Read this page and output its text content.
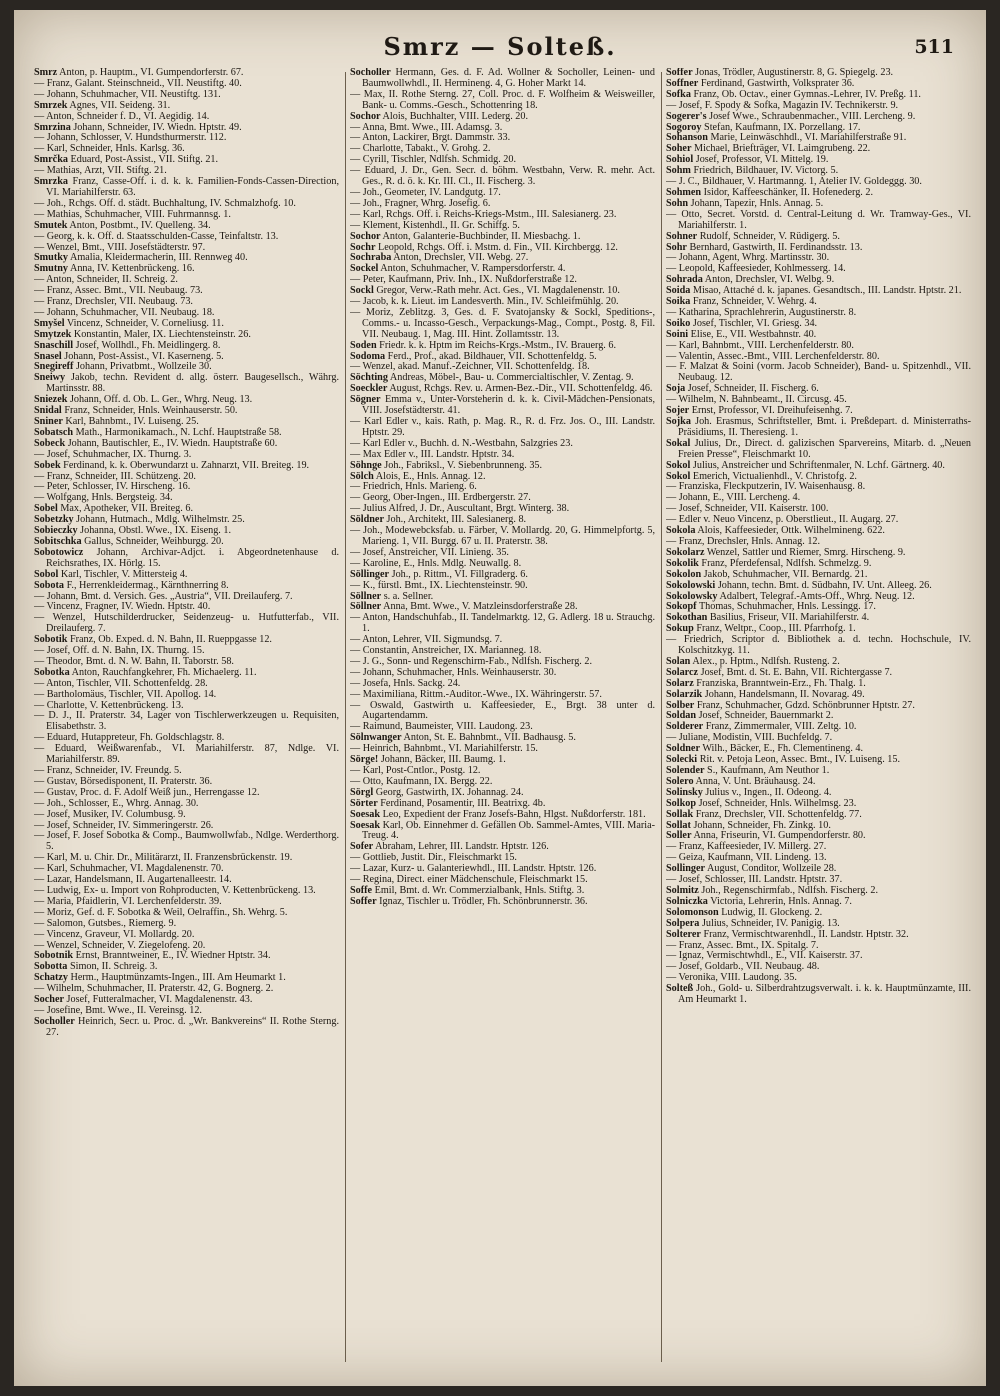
Smrz — Solteß.	511

Smrz Anton, p. Hauptm., VI. Gumpendorferstr. 67.

— Franz, Galant. Steinschneid., VII. Neustiftg. 40.

— Johann, Schuhmacher, VII. Neustiftg. 131.

Smrzek Agnes, VII. Seideng. 31.

— Anton, Schneider f. D., VI. Aegidig. 14.

Smrzina Johann, Schneider, IV. Wiedn. Hptstr. 49.

— Johann, Schlosser, V. Hundsthurmerstr. 112.

— Karl, Schneider, Hnls. Karlsg. 36.

Smrčka Eduard, Post-Assist., VII. Stiftg. 21.

— Mathias, Arzt, VII. Stiftg. 21.

Smrzka Franz, Casse-Off. i. d. k. k. Familien-Fonds-Cassen-Direction, VI. Mariahilferstr. 63.

— Joh., Rchgs. Off. d. städt. Buchhaltung, IV. Schmalzhofg. 10.

— Mathias, Schuhmacher, VIII. Fuhrmannsg. 1.

Smutek Anton, Postbmt., IV. Quelleng. 34.

— Georg, k. k. Off. d. Staatsschulden-Casse, Teinfaltstr. 13.

— Wenzel, Bmt., VIII. Josefstädterstr. 97.

Smutky Amalia, Kleidermacherin, III. Rennweg 40.

Smutny Anna, IV. Kettenbrückeng. 16.

— Anton, Schneider, II. Schreig. 2.

— Franz, Assec. Bmt., VII. Neubaug. 73.

— Franz, Drechsler, VII. Neubaug. 73.

— Johann, Schuhmacher, VII. Neubaug. 18.

Smyšel Vincenz, Schneider, V. Corneliusg. 11.

Smytzek Konstantin, Maler, IX. Liechtensteinstr. 26.

Snaschill Josef, Wollhdl., Fh. Meidlingerg. 8.

Snasel Johann, Post-Assist., VI. Kaserneng. 5.

Snegireff Johann, Privatbmt., Wollzeile 30.

Sneiwy Jakob, techn. Revident d. allg. österr. Baugesellsch., Währg. Martinsstr. 88.

Sniezek Johann, Off. d. Ob. L. Ger., Whrg. Neug. 13.

Snidal Franz, Schneider, Hnls. Weinhauserstr. 50.

Sniner Karl, Bahnbmt., IV. Luiseng. 25.

Sobatsch Math., Harmonikamach., N. Lchf. Hauptstraße 58.

Sobeck Johann, Bautischler, E., IV. Wiedn. Hauptstraße 60.

— Josef, Schuhmacher, IX. Thurng. 3.

Sobek Ferdinand, k. k. Oberwundarzt u. Zahnarzt, VII. Breiteg. 19.

— Franz, Schneider, III. Schützeng. 20.

— Peter, Schlosser, IV. Hirscheng. 16.

— Wolfgang, Hnls. Bergsteig. 34.

Sobel Max, Apotheker, VII. Breiteg. 6.

Sobetzky Johann, Hutmach., Mdlg. Wilhelmstr. 25.

Sobieczky Johanna, Obstl. Wwe., IX. Eiseng. 1.

Sobitschka Gallus, Schneider, Weihburgg. 20.

Sobotowicz Johann, Archivar-Adjct. i. Abgeordnetenhause d. Reichsrathes, IX. Hörlg. 15.

Sobol Karl, Tischler, V. Mittersteig 4.

Sobota F., Herrenkleidermag., Kärnthnerring 8.

— Johann, Bmt. d. Versich. Ges. „Austria“, VII. Dreilauferg. 7.

— Vincenz, Fragner, IV. Wiedn. Hptstr. 40.

— Wenzel, Hutschilderdrucker, Seidenzeug- u. Hutfutterfab., VII. Dreilauferg. 7.

Sobotik Franz, Ob. Exped. d. N. Bahn, II. Rueppgasse 12.

— Josef, Off. d. N. Bahn, IX. Thurng. 15.

— Theodor, Bmt. d. N. W. Bahn, II. Taborstr. 58.

Sobotka Anton, Rauchfangkehrer, Fh. Michaelerg. 11.

— Anton, Tischler, VII. Schottenfeldg. 28.

— Bartholomäus, Tischler, VII. Apollog. 14.

— Charlotte, V. Kettenbrückeng. 13.

— D. J., II. Praterstr. 34, Lager von Tischlerwerkzeugen u. Requisiten, Elisabethstr. 3.

— Eduard, Hutappreteur, Fh. Goldschlagstr. 8.

— Eduard, Weißwarenfab., VI. Mariahilferstr. 87, Ndlge. VI. Mariahilferstr. 89.

— Franz, Schneider, IV. Freundg. 5.

— Gustav, Börsedisponent, II. Praterstr. 36.

— Gustav, Proc. d. F. Adolf Weiß jun., Herrengasse 12.

— Joh., Schlosser, E., Whrg. Annag. 30.

— Josef, Musiker, IV. Columbusg. 9.

— Josef, Schneider, IV. Simmeringerstr. 26.

— Josef, F. Josef Sobotka & Comp., Baumwollwfab., Ndlge. Werderthorg. 5.

— Karl, M. u. Chir. Dr., Militärarzt, II. Franzensbrückenstr. 19.

— Karl, Schuhmacher, VI. Magdalenenstr. 70.

— Lazar, Handelsmann, II. Augartenalleestr. 14.

— Ludwig, Ex- u. Import von Rohproducten, V. Kettenbrückeng. 13.

— Maria, Pfaidlerin, VI. Lerchenfelderstr. 39.

— Moriz, Gef. d. F. Sobotka & Weil, Oelraffin., Sh. Wehrg. 5.

— Salomon, Gutsbes., Riemerg. 9.

— Vincenz, Graveur, VI. Mollardg. 20.

— Wenzel, Schneider, V. Ziegelofeng. 20.

Sobotnik Ernst, Branntweiner, E., IV. Wiedner Hptstr. 34.

Sobotta Simon, II. Schreig. 3.

Schatzy Herm., Hauptmünzamts-Ingen., III. Am Heumarkt 1.

— Wilhelm, Schuhmacher, II. Praterstr. 42, G. Bognerg. 2.

Socher Josef, Futteralmacher, VI. Magdalenenstr. 43.

— Josefine, Bmt. Wwe., II. Vereinsg. 12.

Socholler Heinrich, Secr. u. Proc. d. „Wr. Bankvereins“ II. Rothe Sterng. 27.

Socholler Hermann, Ges. d. F. Ad. Wollner & Socholler, Leinen- und Baumwollwhdl., II. Hermineng. 4, G. Hoher Markt 14.

— Max, II. Rothe Sterng. 27, Coll. Proc. d. F. Wolfheim & Weisweiller, Bank- u. Comms.-Gesch., Schottenring 18.

Sochor Alois, Buchhalter, VIII. Lederg. 20.

— Anna, Bmt. Wwe., III. Adamsg. 3.

— Anton, Lackirer, Brgt. Dammstr. 33.

— Charlotte, Tabakt., V. Grohg. 2.

— Cyrill, Tischler, Ndlfsh. Schmidg. 20.

— Eduard, J. Dr., Gen. Secr. d. böhm. Westbahn, Verw. R. mehr. Act. Ges., R. d. ö. k. Kr. III. Cl., II. Fischerg. 3.

— Joh., Geometer, IV. Landgutg. 17.

— Joh., Fragner, Whrg. Josefig. 6.

— Karl, Rchgs. Off. i. Reichs-Kriegs-Mstm., III. Salesianerg. 23.

— Klement, Kistenhdl., II. Gr. Schiffg. 5.

Sochor Anton, Galanterie-Buchbinder, II. Miesbachg. 1.

Sochr Leopold, Rchgs. Off. i. Mstm. d. Fin., VII. Kirchbergg. 12.

Sochraba Anton, Drechsler, VII. Webg. 27.

Sockel Anton, Schuhmacher, V. Rampersdorferstr. 4.

— Peter, Kaufmann, Priv. Inh., IX. Nußdorferstraße 12.

Sockl Gregor, Verw.-Rath mehr. Act. Ges., VI. Magdalenenstr. 10.

— Jacob, k. k. Lieut. im Landesverth. Min., IV. Schleifmühlg. 20.

— Moriz, Zeblitzg. 3, Ges. d. F. Svatojansky & Sockl, Speditions-, Comms.- u. Incasso-Gesch., Verpackungs-Mag., Compt., Postg. 8, Fil. VII. Neubaug. 1, Mag. III. Hint. Zollamtsstr. 13.

Soden Friedr. k. k. Hptm im Reichs-Krgs.-Mstm., IV. Brauerg. 6.

Sodoma Ferd., Prof., akad. Bildhauer, VII. Schottenfeldg. 5.

— Wenzel, akad. Manuf.-Zeichner, VII. Schottenfeldg. 18.

Söchting Andreas, Möbel-, Bau- u. Commercialtischler, V. Zentag. 9.

Soeckler August, Rchgs. Rev. u. Armen-Bez.-Dir., VII. Schottenfeldg. 46.

Sögner Emma v., Unter-Vorsteherin d. k. k. Civil-Mädchen-Pensionats, VIII. Josefstädterstr. 41.

— Karl Edler v., kais. Rath, p. Mag. R., R. d. Frz. Jos. O., III. Landstr. Hptstr. 29.

— Karl Edler v., Buchh. d. N.-Westbahn, Salzgries 23.

— Max Edler v., III. Landstr. Hptstr. 34.

Söhnge Joh., Fabriksl., V. Siebenbrunneng. 35.

Sölch Alois, E., Hnls. Annag. 12.

— Friedrich, Hnls. Marieng. 6.

— Georg, Ober-Ingen., III. Erdbergerstr. 27.

— Julius Alfred, J. Dr., Auscultant, Brgt. Winterg. 38.

Söldner Joh., Architekt, III. Salesianerg. 8.

— Joh., Modewebcksfab. u. Färber, V. Mollardg. 20, G. Himmelpfortg. 5, Marieng. 1, VII. Burgg. 67 u. II. Praterstr. 38.

— Josef, Anstreicher, VII. Linieng. 35.

— Karoline, E., Hnls. Mdlg. Neuwallg. 8.

Söllinger Joh., p. Rittm., VI. Fillgraderg. 6.

— K., fürstl. Bmt., IX. Liechtensteinstr. 90.

Söllner s. a. Sellner.

Söllner Anna, Bmt. Wwe., V. Matzleinsdorferstraße 28.

— Anton, Handschuhfab., II. Tandelmarktg. 12, G. Adlerg. 18 u. Strauchg. 1.

— Anton, Lehrer, VII. Sigmundsg. 7.

— Constantin, Anstreicher, IX. Marianneg. 18.

— J. G., Sonn- und Regenschirm-Fab., Ndlfsh. Fischerg. 2.

— Johann, Schuhmacher, Hnls. Weinhauserstr. 30.

— Josefa, Hnls. Sackg. 24.

— Maximiliana, Rittm.-Auditor.-Wwe., IX. Währingerstr. 57.

— Oswald, Gastwirth u. Kaffeesieder, E., Brgt. 38 unter d. Augartendamm.

— Raimund, Baumeister, VIII. Laudong. 23.

Sölnwanger Anton, St. E. Bahnbmt., VII. Badhausg. 5.

— Heinrich, Bahnbmt., VI. Mariahilferstr. 15.

Sörge! Johann, Bäcker, III. Baumg. 1.

— Karl, Post-Cntlor., Postg. 12.

— Otto, Kaufmann, IX. Bergg. 22.

Sörgl Georg, Gastwirth, IX. Johannag. 24.

Sörter Ferdinand, Posamentir, III. Beatrixg. 4b.

Soesak Leo, Expedient der Franz Josefs-Bahn, Hlgst. Nußdorferstr. 181.

Soesak Karl, Ob. Einnehmer d. Gefällen Ob. Sammel-Amtes, VIII. Maria-Treug. 4.

Sofer Abraham, Lehrer, III. Landstr. Hptstr. 126.

— Gottlieb, Justit. Dir., Fleischmarkt 15.

— Lazar, Kurz- u. Galanteriewhdl., III. Landstr. Hptstr. 126.

— Regina, Direct. einer Mädchenschule, Fleischmarkt 15.

Soffe Emil, Bmt. d. Wr. Commerzialbank, Hnls. Stiftg. 3.

Soffer Ignaz, Tischler u. Trödler, Fh. Schönbrunnerstr. 36.

Soffer Jonas, Trödler, Augustinerstr. 8, G. Spiegelg. 23.

Soffner Ferdinand, Gastwirth, Volksprater 36.

Sofka Franz, Ob. Octav., einer Gymnas.-Lehrer, IV. Preßg. 11.

— Josef, F. Spody & Sofka, Magazin IV. Technikerstr. 9.

Sogerer's Josef Wwe., Schraubenmacher., VIII. Lercheng. 9.

Sogoroy Stefan, Kaufmann, IX. Porzellang. 17.

Sohanson Marie, Leinwäschhdl., VI. Mariahilferstraße 91.

Soher Michael, Briefträger, VI. Laimgrubeng. 22.

Sohiol Josef, Professor, VI. Mittelg. 19.

Sohm Friedrich, Bildhauer, IV. Victorg. 5.

— J. C., Bildhauer, V. Hartmanng. 1, Atelier IV. Goldeggg. 30.

Sohmen Isidor, Kaffeeschänker, II. Hofenederg. 2.

Sohn Johann, Tapezir, Hnls. Annag. 5.

— Otto, Secret. Vorstd. d. Central-Leitung d. Wr. Tramway-Ges., VI. Mariahilferstr. 1.

Sohner Rudolf, Schneider, V. Rüdigerg. 5.

Sohr Bernhard, Gastwirth, II. Ferdinandsstr. 13.

— Johann, Agent, Whrg. Martinsstr. 30.

— Leopold, Kaffeesieder, Kohlmesserg. 14.

Sohrada Anton, Drechsler, VI. Welbg. 9.

Soida Misao, Attaché d. k. japanes. Gesandtsch., III. Landstr. Hptstr. 21.

Soika Franz, Schneider, V. Wehrg. 4.

— Katharina, Sprachlehrerin, Augustinerstr. 8.

Soiko Josef, Tischler, VI. Griesg. 34.

Soini Elise, E., VII. Westbahnstr. 40.

— Karl, Bahnbmt., VIII. Lerchenfelderstr. 80.

— Valentin, Assec.-Bmt., VIII. Lerchenfelderstr. 80.

— F. Malzat & Soini (vorm. Jacob Schneider), Band- u. Spitzenhdl., VII. Neubaug. 12.

Soja Josef, Schneider, II. Fischerg. 6.

— Wilhelm, N. Bahnbeamt., II. Circusg. 45.

Sojer Ernst, Professor, VI. Dreihufeisenhg. 7.

Sojka Joh. Erasmus, Schriftsteller, Bmt. i. Preßdepart. d. Ministerraths-Präsidiums, II. Theresieng. 1.

Sokal Julius, Dr., Direct. d. galizischen Sparvereins, Mitarb. d. „Neuen Freien Presse“, Fleischmarkt 10.

Sokol Julius, Anstreicher und Schriftenmaler, N. Lchf. Gärtnerg. 40.

Sokol Emerich, Victualienhdl., V. Christofg. 2.

— Franziska, Fleckputzerin, IV. Waisenhausg. 8.

— Johann, E., VIII. Lercheng. 4.

— Josef, Schneider, VII. Kaiserstr. 100.

— Edler v. Neuo Vincenz, p. Oberstlieut., II. Augarg. 27.

Sokola Alois, Kaffeesieder, Ottk. Wilhelmineng. 622.

— Franz, Drechsler, Hnls. Annag. 12.

Sokolarz Wenzel, Sattler und Riemer, Smrg. Hirscheng. 9.

Sokolik Franz, Pferdefensal, Ndlfsh. Schmelzg. 9.

Sokolon Jakob, Schuhmacher, VII. Bernardg. 21.

Sokolowski Johann, techn. Bmt. d. Südbahn, IV. Unt. Alleeg. 26.

Sokolowsky Adalbert, Telegraf.-Amts-Off., Whrg. Neug. 12.

Sokopf Thomas, Schuhmacher, Hnls. Lessingg. 17.

Sokothan Basilius, Friseur, VII. Mariahilferstr. 4.

Sokup Franz, Weltpr., Coop., III. Pfarrhofg. 1.

— Friedrich, Scriptor d. Bibliothek a. d. techn. Hochschule, IV. Kolschitzkyg. 11.

Solan Alex., p. Hptm., Ndlfsh. Rusteng. 2.

Solarcz Josef, Bmt. d. St. E. Bahn, VII. Richtergasse 7.

Solarz Franziska, Branntwein-Erz., Fh. Thalg. 1.

Solarzik Johann, Handelsmann, II. Novarag. 49.

Solber Franz, Schuhmacher, Gdzd. Schönbrunner Hptstr. 27.

Soldan Josef, Schneider, Bauernmarkt 2.

Solderer Franz, Zimmermaler, VIII. Zeltg. 10.

— Juliane, Modistin, VIII. Buchfeldg. 7.

Soldner Wilh., Bäcker, E., Fh. Clementineng. 4.

Solecki Rit. v. Petoja Leon, Assec. Bmt., IV. Luiseng. 15.

Solender S., Kaufmann, Am Neuthor 1.

Solero Anna, V. Unt. Bräuhausg. 24.

Solinsky Julius v., Ingen., II. Odeong. 4.

Solkop Josef, Schneider, Hnls. Wilhelmsg. 23.

Sollak Franz, Drechsler, VII. Schottenfeldg. 77.

Sollat Johann, Schneider, Fh. Zinkg. 10.

Soller Anna, Friseurin, VI. Gumpendorferstr. 80.

— Franz, Kaffeesieder, IV. Millerg. 27.

— Geiza, Kaufmann, VII. Lindeng. 13.

Sollinger August, Conditor, Wollzeile 28.

— Josef, Schlosser, III. Landstr. Hptstr. 37.

Solmitz Joh., Regenschirmfab., Ndlfsh. Fischerg. 2.

Solniczka Victoria, Lehrerin, Hnls. Annag. 7.

Solomonson Ludwig, II. Glockeng. 2.

Solpera Julius, Schneider, IV. Panigig. 13.

Solterer Franz, Vermischtwarenhdl., II. Landstr. Hptstr. 32.

— Franz, Assec. Bmt., IX. Spitalg. 7.

— Ignaz, Vermischtwhdl., E., VII. Kaiserstr. 37.

— Josef, Goldarb., VII. Neubaug. 48.

— Veronika, VIII. Laudong. 35.

Solteß Joh., Gold- u. Silberdrahtzugsverwalt. i. k. k. Hauptmünzamte, III. Am Heumarkt 1.
